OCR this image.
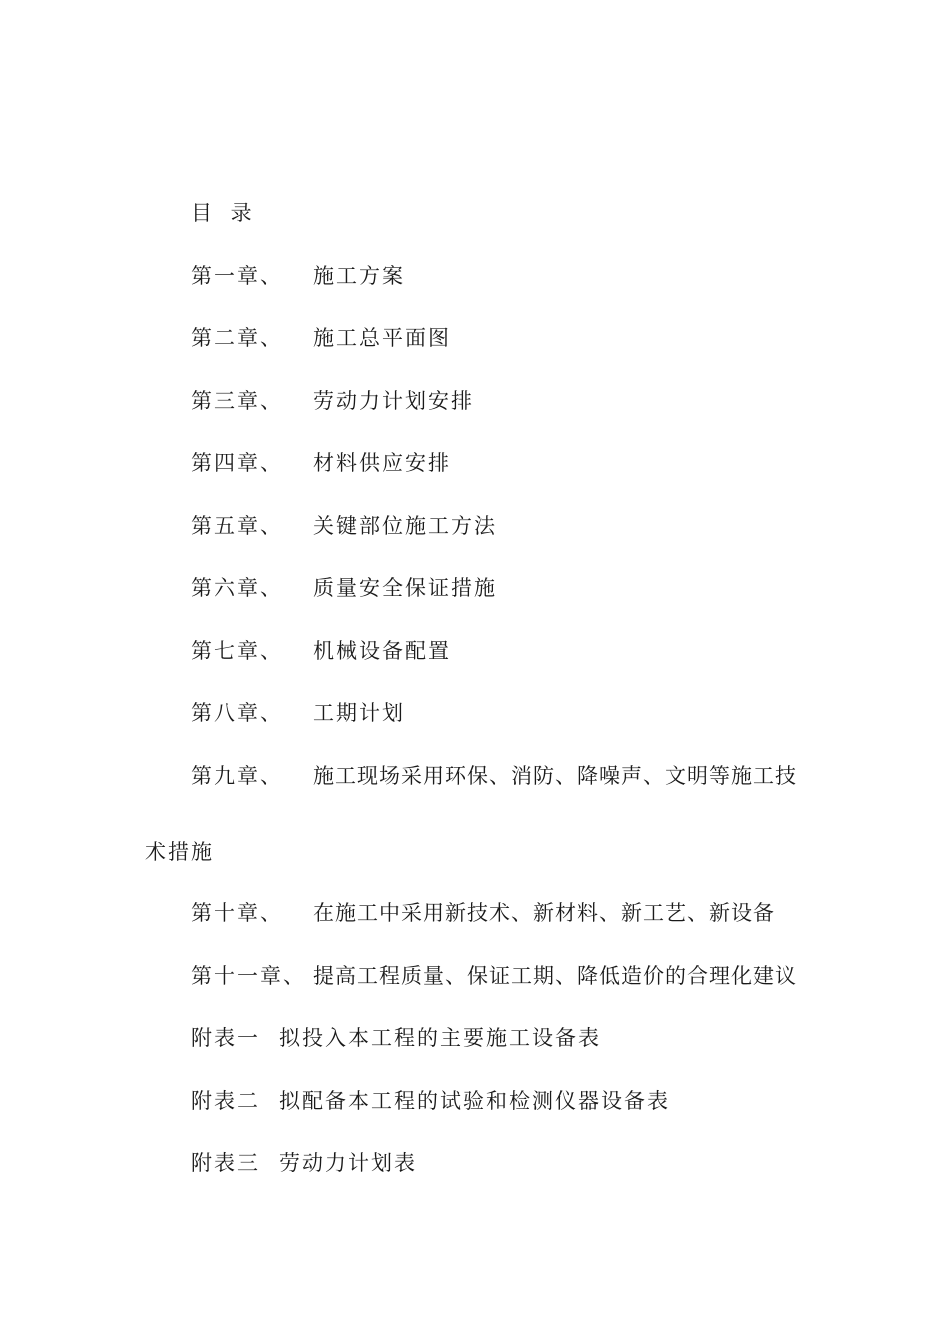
目 录
第一章、 施工方案
第二章、 施工总平面图
第三章、 劳动力计划安排
第四章、 材料供应安排
第五章、 关键部位施工方法
第六章、 质量安全保证措施
第七章、 机械设备配置
第八章、 工期计划
第九章、 施工现场采用环保、消防、降噪声、文明等施工技
术措施
第十章、 在施工中采用新技术、新材料、新工艺、新设备
第十一章、 提高工程质量、保证工期、降低造价的合理化建议
附表一 拟投入本工程的主要施工设备表
附表二 拟配备本工程的试验和检测仪器设备表
附表三 劳动力计划表
